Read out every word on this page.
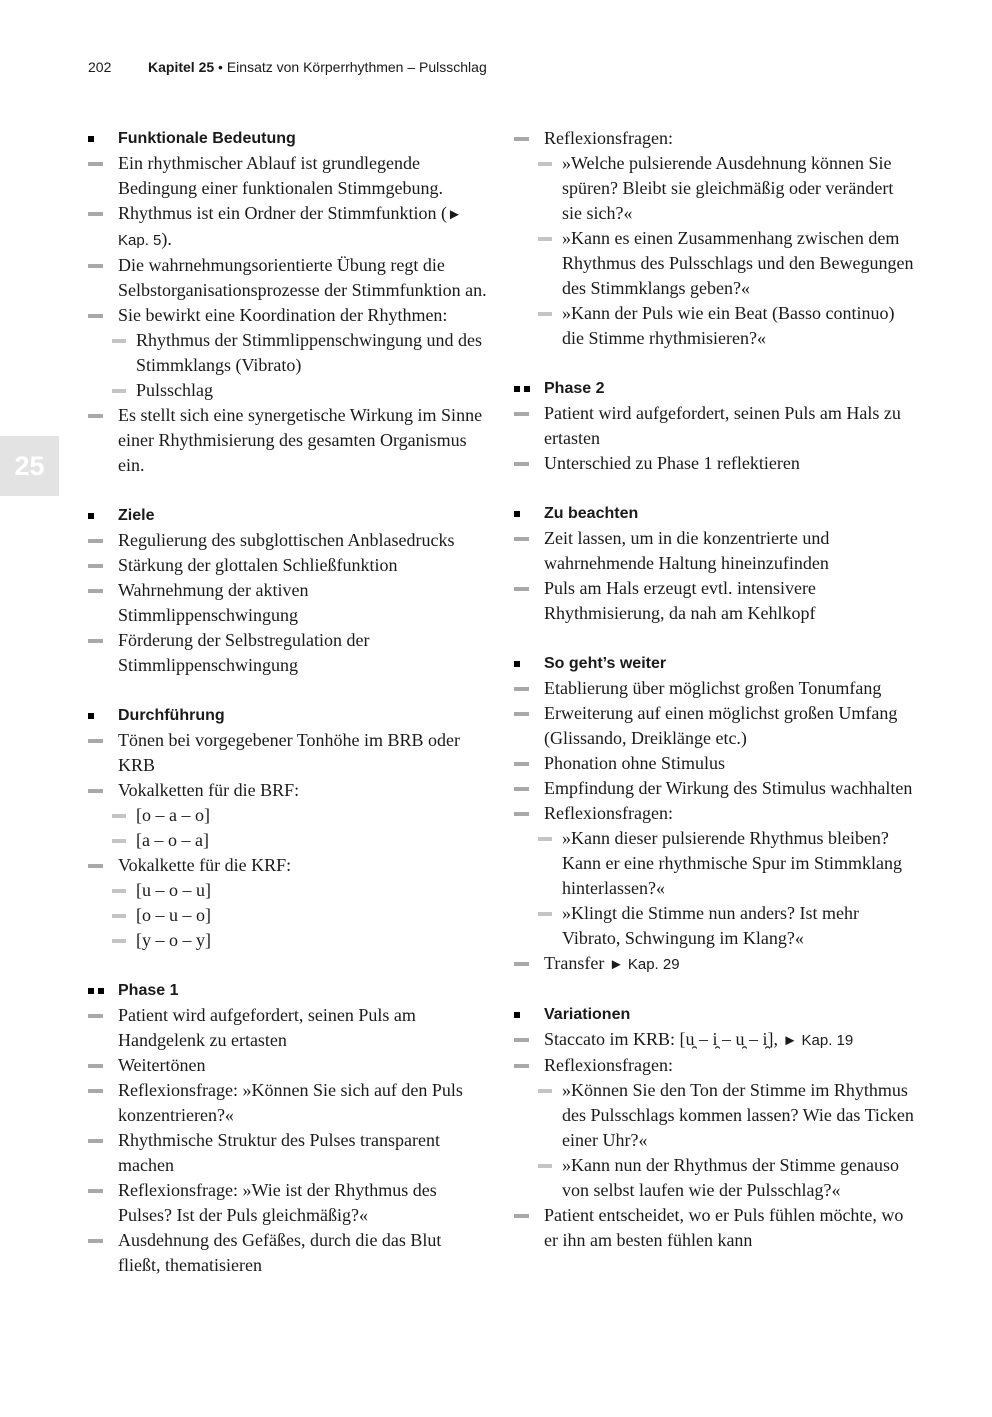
202	Kapitel 25 • Einsatz von Körperrhythmen – Pulsschlag
25
Funktionale Bedeutung
Ein rhythmischer Ablauf ist grundlegende Bedingung einer funktionalen Stimmgebung.
Rhythmus ist ein Ordner der Stimmfunktion (► Kap. 5).
Die wahrnehmungsorientierte Übung regt die Selbstorganisationsprozesse der Stimmfunktion an.
Sie bewirkt eine Koordination der Rhythmen:
Rhythmus der Stimmlippenschwingung und des Stimmklangs (Vibrato)
Pulsschlag
Es stellt sich eine synergetische Wirkung im Sinne einer Rhythmisierung des gesamten Organismus ein.
Ziele
Regulierung des subglottischen Anblasedrucks
Stärkung der glottalen Schließfunktion
Wahrnehmung der aktiven Stimmlippenschwingung
Förderung der Selbstregulation der Stimmlippenschwingung
Durchführung
Tönen bei vorgegebener Tonhöhe im BRB oder KRB
Vokalketten für die BRF:
[o – a – o]
[a – o – a]
Vokalkette für die KRF:
[u – o – u]
[o – u – o]
[y – o – y]
Phase 1
Patient wird aufgefordert, seinen Puls am Handgelenk zu ertasten
Weitertönen
Reflexionsfrage: »Können Sie sich auf den Puls konzentrieren?«
Rhythmische Struktur des Pulses transparent machen
Reflexionsfrage: »Wie ist der Rhythmus des Pulses? Ist der Puls gleichmäßig?«
Ausdehnung des Gefäßes, durch die das Blut fließt, thematisieren
Reflexionsfragen:
»Welche pulsierende Ausdehnung können Sie spüren? Bleibt sie gleichmäßig oder verändert sie sich?«
»Kann es einen Zusammenhang zwischen dem Rhythmus des Pulsschlags und den Bewegungen des Stimmklangs geben?«
»Kann der Puls wie ein Beat (Basso continuo) die Stimme rhythmisieren?«
Phase 2
Patient wird aufgefordert, seinen Puls am Hals zu ertasten
Unterschied zu Phase 1 reflektieren
Zu beachten
Zeit lassen, um in die konzentrierte und wahrnehmende Haltung hineinzufinden
Puls am Hals erzeugt evtl. intensivere Rhythmisierung, da nah am Kehlkopf
So geht’s weiter
Etablierung über möglichst großen Tonumfang
Erweiterung auf einen möglichst großen Umfang (Glissando, Dreiklänge etc.)
Phonation ohne Stimulus
Empfindung der Wirkung des Stimulus wachhalten
Reflexionsfragen:
»Kann dieser pulsierende Rhythmus bleiben? Kann er eine rhythmische Spur im Stimmklang hinterlassen?«
»Klingt die Stimme nun anders? Ist mehr Vibrato, Schwingung im Klang?«
Transfer ► Kap. 29
Variationen
Staccato im KRB: [u̯ – i̯ – u̯ – i̯], ► Kap. 19
Reflexionsfragen:
»Können Sie den Ton der Stimme im Rhythmus des Pulsschlags kommen lassen? Wie das Ticken einer Uhr?«
»Kann nun der Rhythmus der Stimme genauso von selbst laufen wie der Pulsschlag?«
Patient entscheidet, wo er Puls fühlen möchte, wo er ihn am besten fühlen kann
